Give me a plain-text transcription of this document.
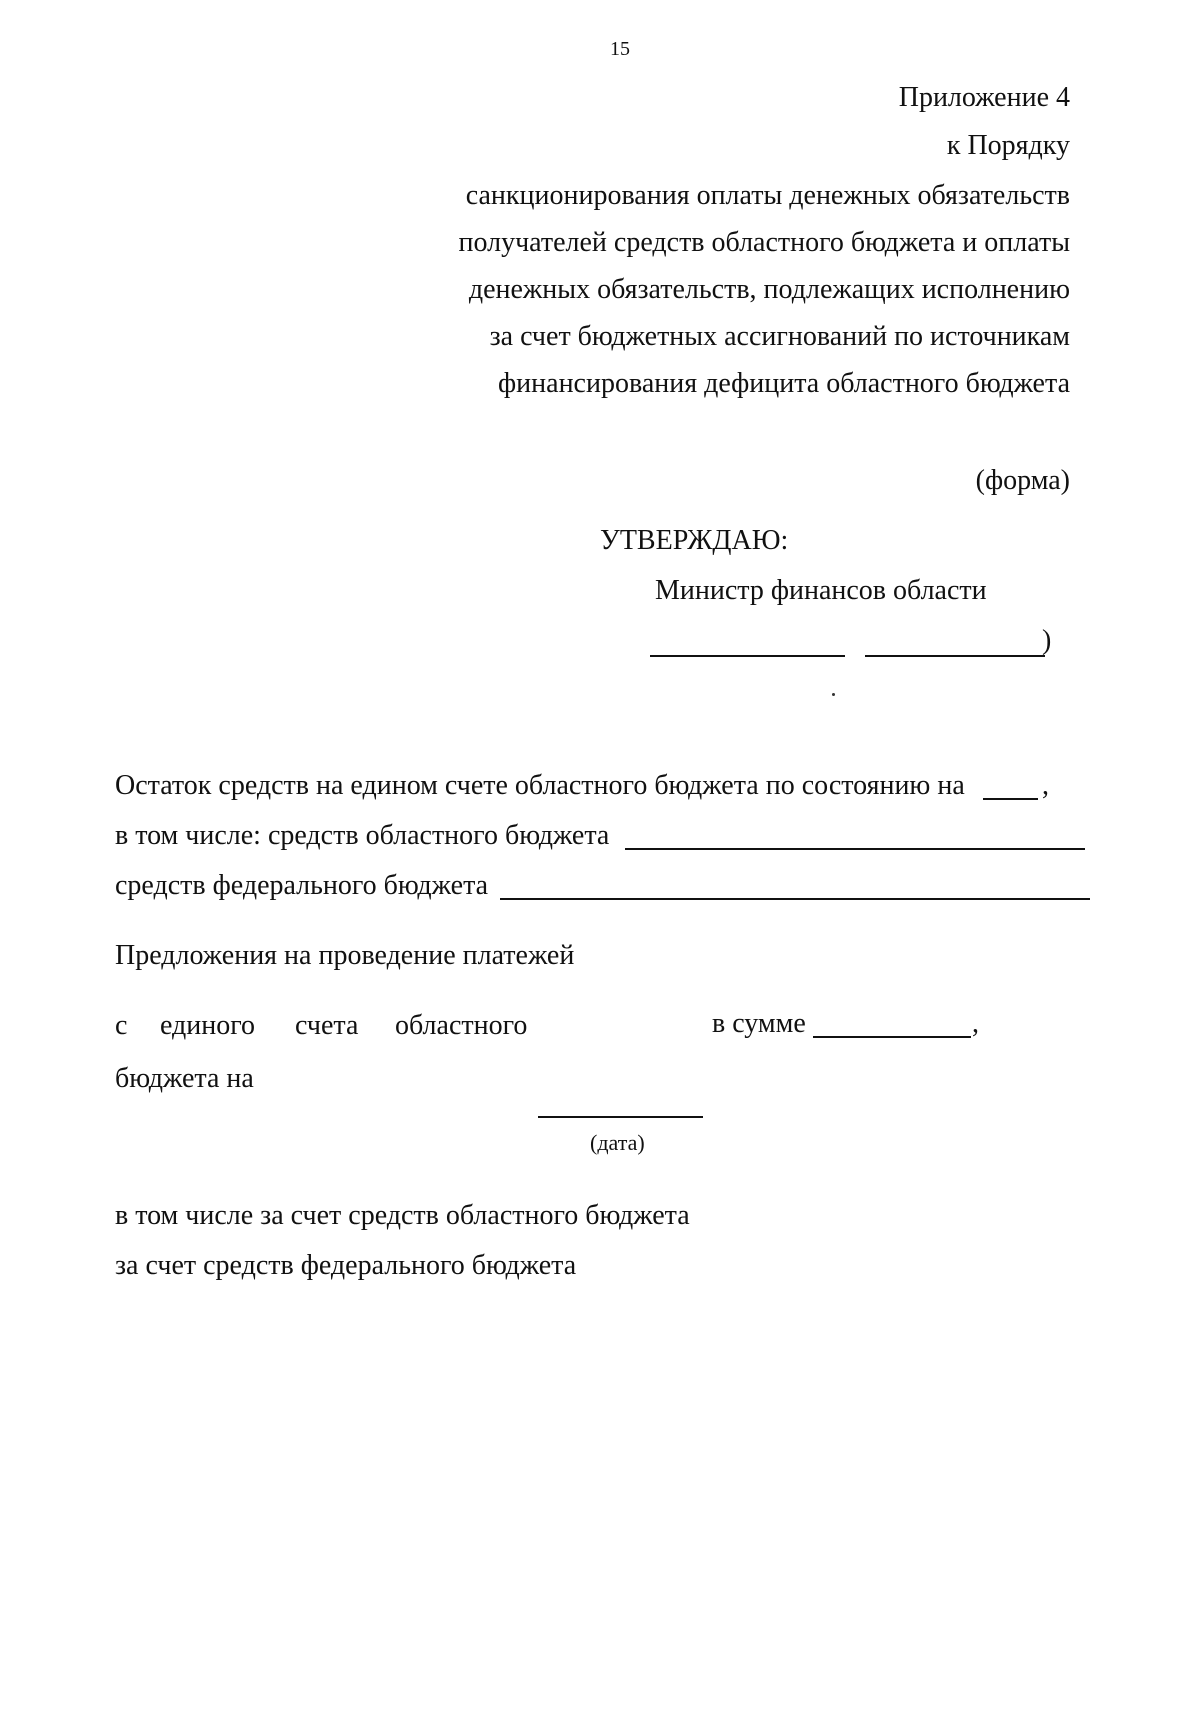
15
Приложение 4
к Порядку
санкционирования оплаты денежных обязательств
получателей средств областного бюджета и оплаты
денежных обязательств, подлежащих исполнению
за счет бюджетных ассигнований по источникам
финансирования дефицита областного бюджета
(форма)
УТВЕРЖДАЮ:
Министр финансов области
)
Остаток средств на едином счете областного бюджета по состоянию на	,
в том числе: средств областного бюджета
средств федерального бюджета
Предложения на проведение платежей
с единого счета областного	в сумме	,
бюджета на
(дата)
в том числе за счет средств областного бюджета
за счет средств федерального бюджета
